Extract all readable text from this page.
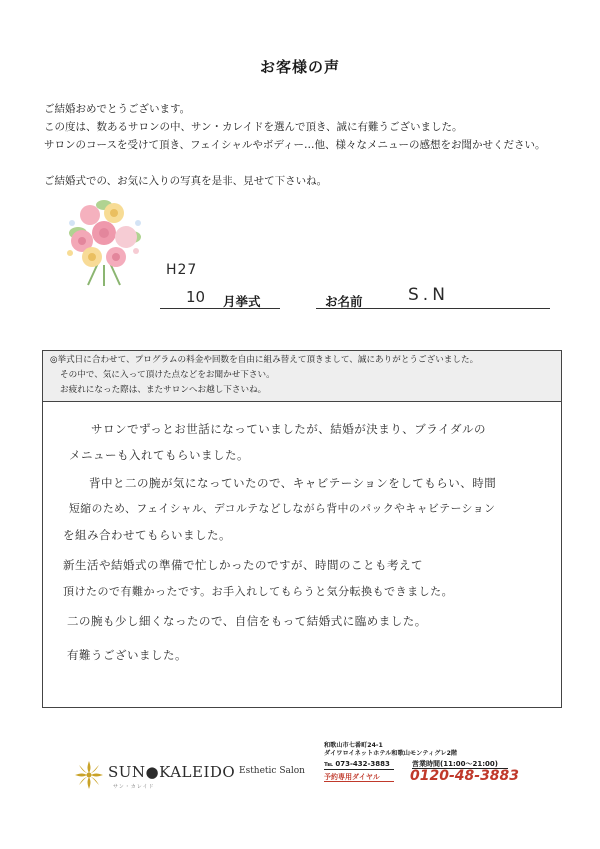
お客様の声

ご結婚おめでとうございます。

この度は、数あるサロンの中、サン・カレイドを選んで頂き、誠に有難うございました。

サロンのコースを受けて頂き、フェイシャルやボディー…他、様々なメニューの感想をお聞かせください。

ご結婚式での、お気に入りの写真を是非、見せて下さいね。

H27
10 月挙式	お名前	S.N

◎挙式日に合わせて、プログラムの料金や回数を自由に組み替えて頂きまして、誠にありがとうございました。

その中で、気に入って頂けた点などをお聞かせ下さい。

お疲れになった際は、またサロンへお越し下さいね。

サロンでずっとお世話になっていましたが、結婚が決まり、ブライダルの
メニューも入れてもらいました。
背中と二の腕が気になっていたので、キャビテーションをしてもらい、時間
短縮のため、フェイシャル、デコルテなどしながら背中のパックやキャビテーション
を組み合わせてもらいました。
新生活や結婚式の準備で忙しかったのですが、時間のことも考えて
頂けたので有難かったです。お手入れしてもらうと気分転換もできました。
二の腕も少し細くなったので、自信をもって結婚式に臨めました。
有難うございました。
SUN●KALEIDO
サン・カレイド
Esthetic Salon
和歌山市七番町24-1
ダイワロイネットホテル和歌山モンティグレ2階
℡ 073-432-3883
予約専用ダイヤル
営業時間(11:00～21:00)
0120-48-3883
